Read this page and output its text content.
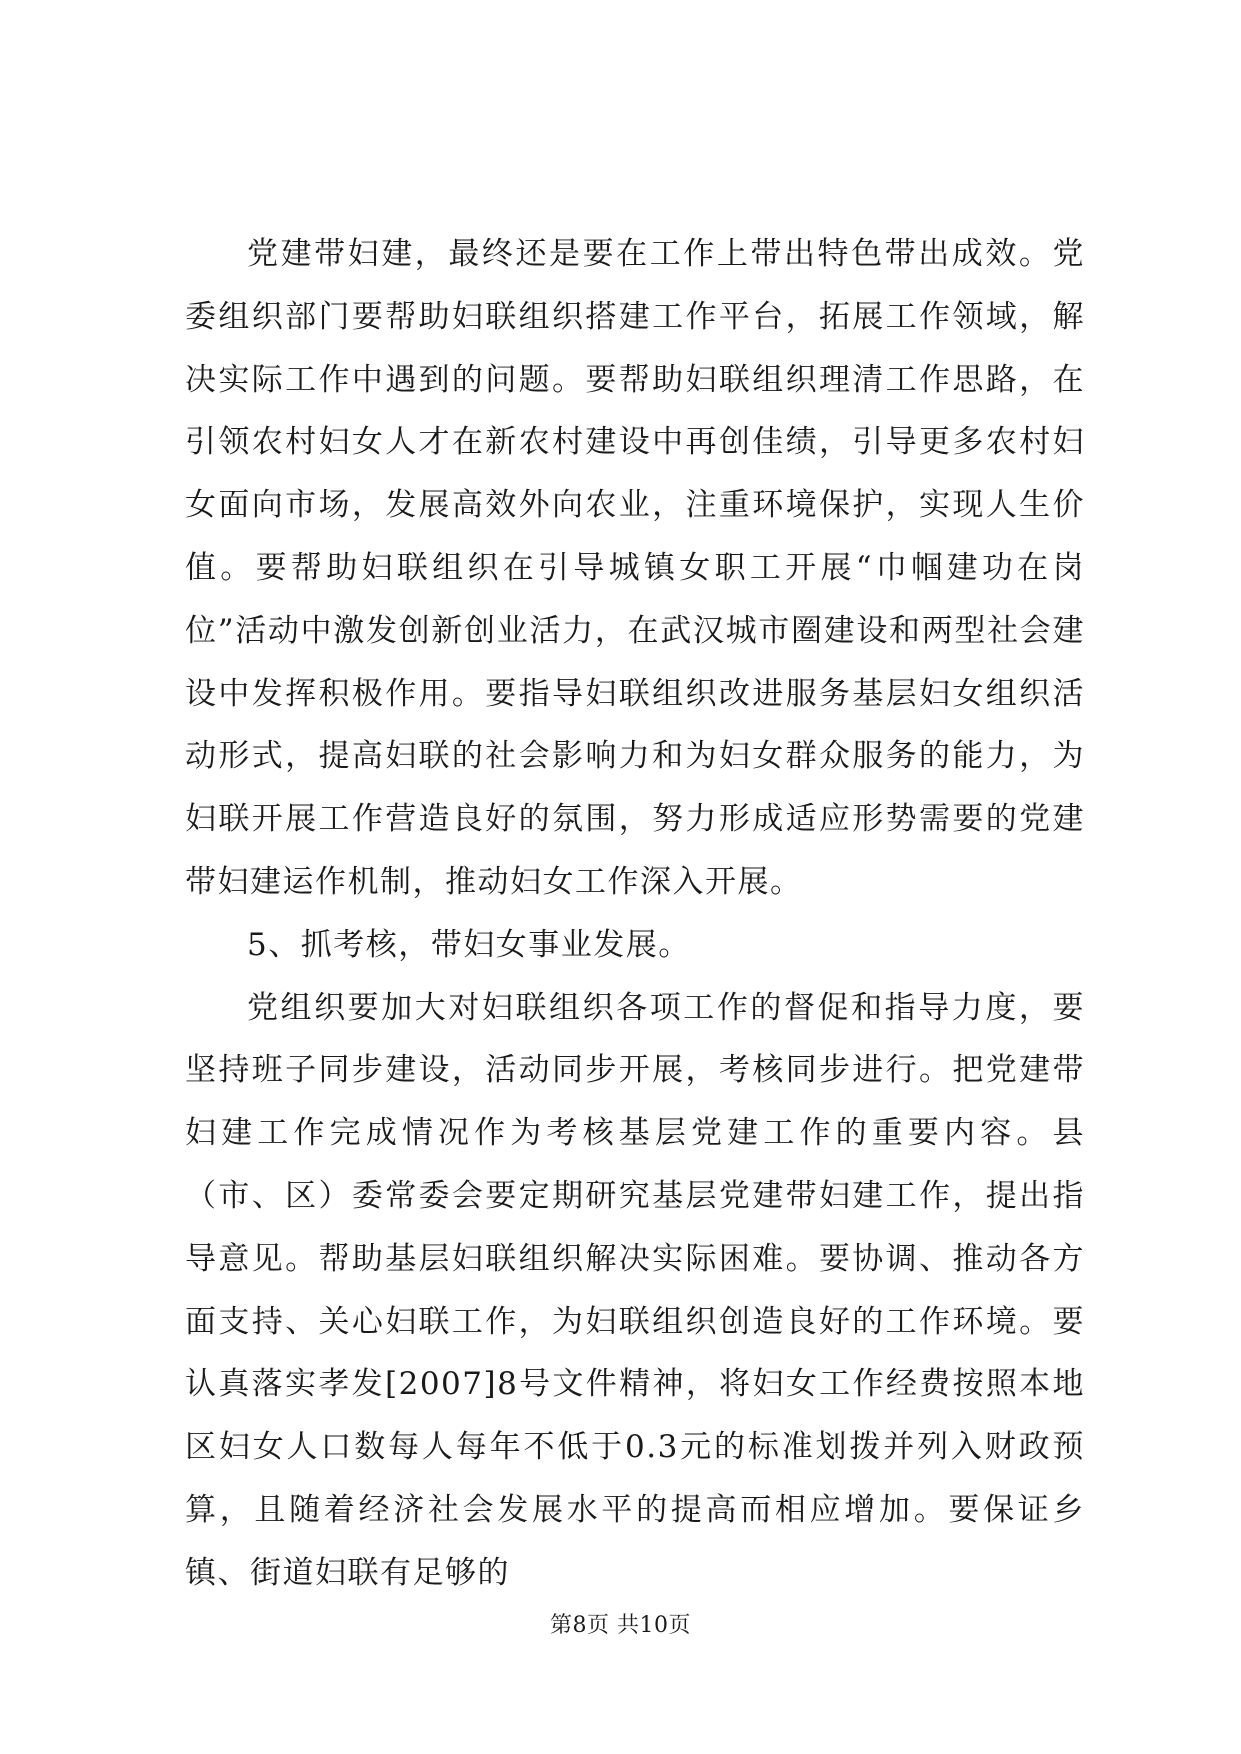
党建带妇建，最终还是要在工作上带出特色带出成效。党委组织部门要帮助妇联组织搭建工作平台，拓展工作领域，解决实际工作中遇到的问题。要帮助妇联组织理清工作思路，在引领农村妇女人才在新农村建设中再创佳绩，引导更多农村妇女面向市场，发展高效外向农业，注重环境保护，实现人生价值。要帮助妇联组织在引导城镇女职工开展“巾帼建功在岗位”活动中激发创新创业活力，在武汉城市圈建设和两型社会建设中发挥积极作用。要指导妇联组织改进服务基层妇女组织活动形式，提高妇联的社会影响力和为妇女群众服务的能力，为妇联开展工作营造良好的氛围，努力形成适应形势需要的党建带妇建运作机制，推动妇女工作深入开展。

5、抓考核，带妇女事业发展。

党组织要加大对妇联组织各项工作的督促和指导力度，要坚持班子同步建设，活动同步开展，考核同步进行。把党建带妇建工作完成情况作为考核基层党建工作的重要内容。县（市、区）委常委会要定期研究基层党建带妇建工作，提出指导意见。帮助基层妇联组织解决实际困难。要协调、推动各方面支持、关心妇联工作，为妇联组织创造良好的工作环境。要认真落实孝发[2007]8号文件精神，将妇女工作经费按照本地区妇女人口数每人每年不低于0.3元的标准划拨并列入财政预算，且随着经济社会发展水平的提高而相应增加。要保证乡镇、街道妇联有足够的

第8页 共10页
